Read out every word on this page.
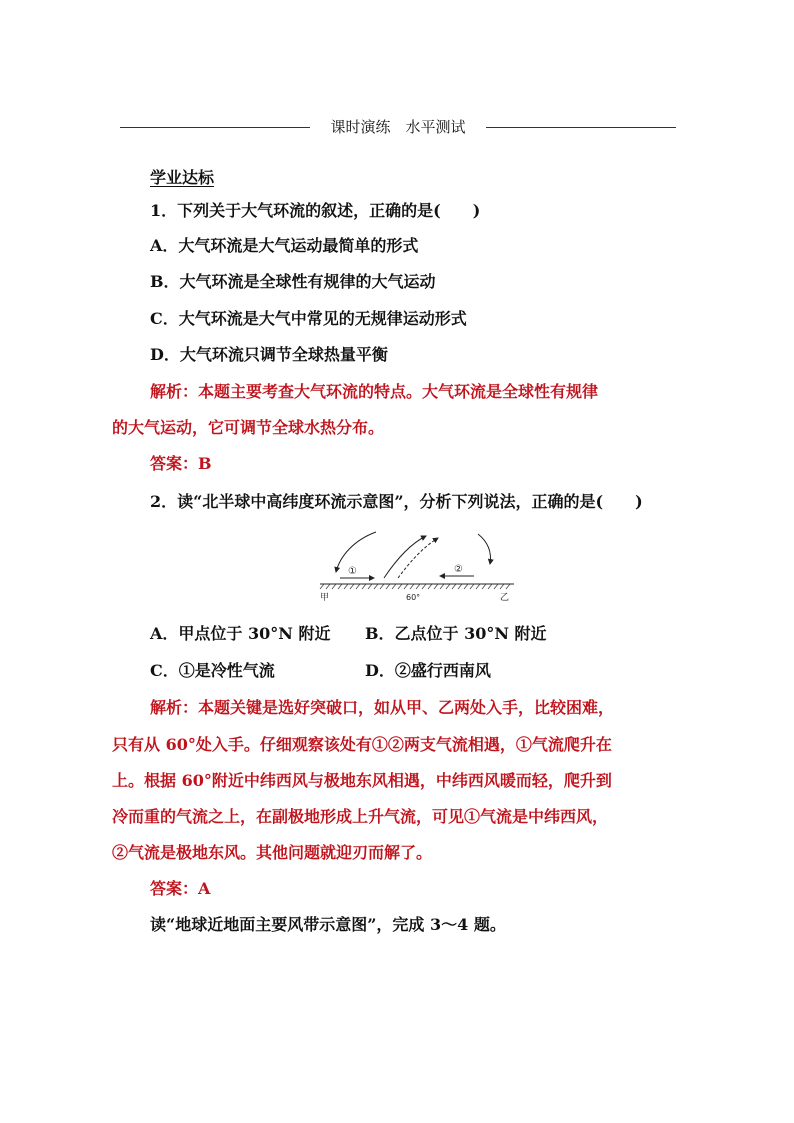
课时演练　水平测试
学业达标
1．下列关于大气环流的叙述，正确的是(　　)
A．大气环流是大气运动最简单的形式
B．大气环流是全球性有规律的大气运动
C．大气环流是大气中常见的无规律运动形式
D．大气环流只调节全球热量平衡
解析：本题主要考查大气环流的特点。大气环流是全球性有规律
的大气运动，它可调节全球水热分布。
答案：B
2．读“北半球中高纬度环流示意图”，分析下列说法，正确的是(　　)
①	②
甲	60°	乙
A．甲点位于 30°N 附近 B．乙点位于 30°N 附近
C．①是冷性气流	D．②盛行西南风
解析：本题关键是选好突破口，如从甲、乙两处入手，比较困难，
只有从 60°处入手。仔细观察该处有①②两支气流相遇，①气流爬升在
上。根据 60°附近中纬西风与极地东风相遇，中纬西风暖而轻，爬升到
冷而重的气流之上，在副极地形成上升气流，可见①气流是中纬西风，
②气流是极地东风。其他问题就迎刃而解了。
答案：A
读“地球近地面主要风带示意图”，完成 3～4 题。
